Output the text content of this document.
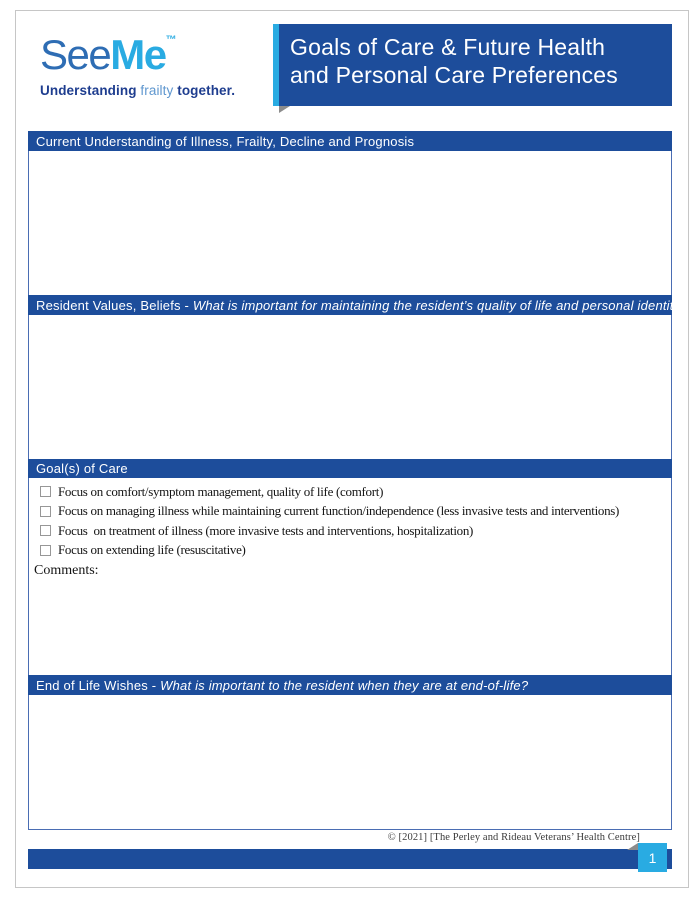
SeeMe™
Understanding frailty together.
Goals of Care & Future Health
and Personal Care Preferences
Current Understanding of Illness, Frailty, Decline and Prognosis
Resident Values, Beliefs - What is important for maintaining the resident’s quality of life and personal identity?
Goal(s) of Care
Focus on comfort/symptom management, quality of life (comfort)
Focus on managing illness while maintaining current function/independence (less invasive tests and interventions)
Focus  on treatment of illness (more invasive tests and interventions, hospitalization)
Focus on extending life (resuscitative)
Comments:
End of Life Wishes - What is important to the resident when they are at end-of-life?
© [2021] [The Perley and Rideau Veterans’ Health Centre]
1
